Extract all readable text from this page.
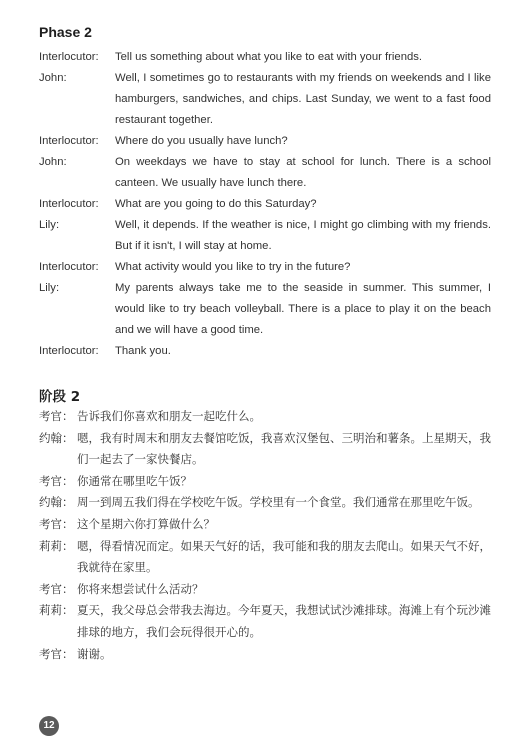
Phase 2
Interlocutor:	Tell us something about what you like to eat with your friends.
John:	Well, I sometimes go to restaurants with my friends on weekends and I like hamburgers, sandwiches, and chips. Last Sunday, we went to a fast food restaurant together.
Interlocutor:	Where do you usually have lunch?
John:	On weekdays we have to stay at school for lunch. There is a school canteen. We usually have lunch there.
Interlocutor:	What are you going to do this Saturday?
Lily:	Well, it depends. If the weather is nice, I might go climbing with my friends. But if it isn't, I will stay at home.
Interlocutor:	What activity would you like to try in the future?
Lily:	My parents always take me to the seaside in summer. This summer, I would like to try beach volleyball. There is a place to play it on the beach and we will have a good time.
Interlocutor:	Thank you.
阶段 2
考官： 告诉我们你喜欢和朋友一起吃什么。
约翰： 嗯，我有时周末和朋友去餐馆吃饭，我喜欢汉堡包、三明治和薯条。上星期天，我们一起去了一家快餐店。
考官： 你通常在哪里吃午饭？
约翰： 周一到周五我们得在学校吃午饭。学校里有一个食堂。我们通常在那里吃午饭。
考官： 这个星期六你打算做什么？
莉莉： 嗯，得看情况而定。如果天气好的话，我可能和我的朋友去爬山。如果天气不好，我就待在家里。
考官： 你将来想尝试什么活动？
莉莉： 夏天，我父母总会带我去海边。今年夏天，我想试试沙滩排球。海滩上有个玩沙滩排球的地方，我们会玩得很开心的。
考官： 谢谢。
12
